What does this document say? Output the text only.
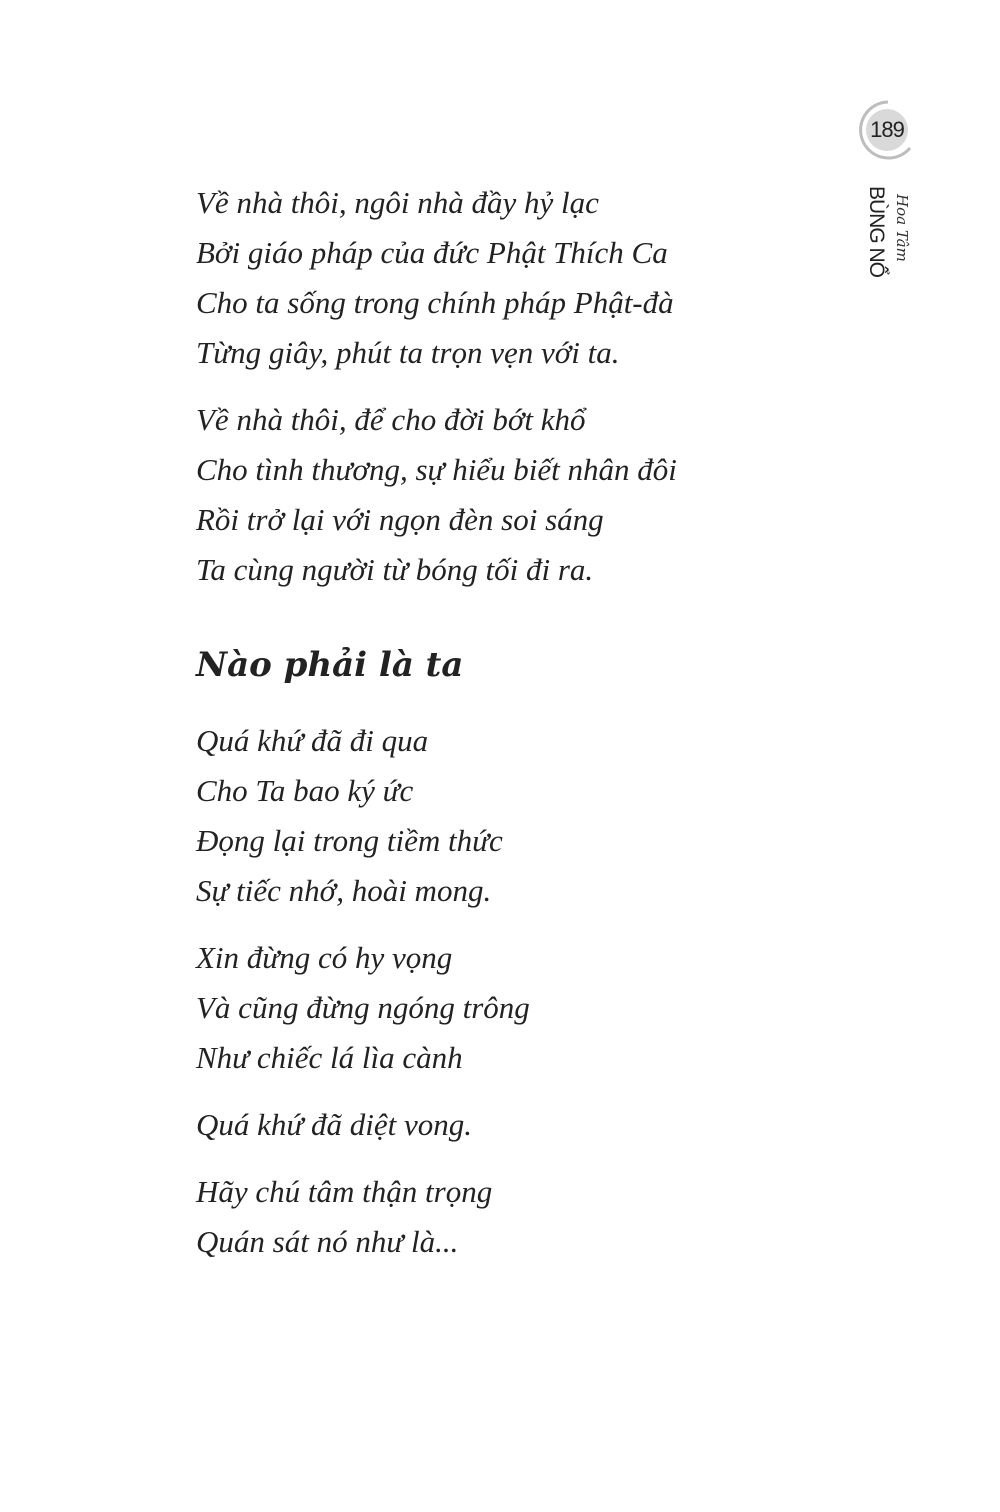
189
BÙNG NỔ Hoa Tâm
Về nhà thôi, ngôi nhà đầy hỷ lạc
Bởi giáo pháp của đức Phật Thích Ca
Cho ta sống trong chính pháp Phật-đà
Từng giây, phút ta trọn vẹn với ta.
Về nhà thôi, để cho đời bớt khổ
Cho tình thương, sự hiểu biết nhân đôi
Rồi trở lại với ngọn đèn soi sáng
Ta cùng người từ bóng tối đi ra.
Nào phải là ta
Quá khứ đã đi qua
Cho Ta bao ký ức
Đọng lại trong tiềm thức
Sự tiếc nhớ, hoài mong.
Xin đừng có hy vọng
Và cũng đừng ngóng trông
Như chiếc lá lìa cành
Quá khứ đã diệt vong.
Hãy chú tâm thận trọng
Quán sát nó như là...
